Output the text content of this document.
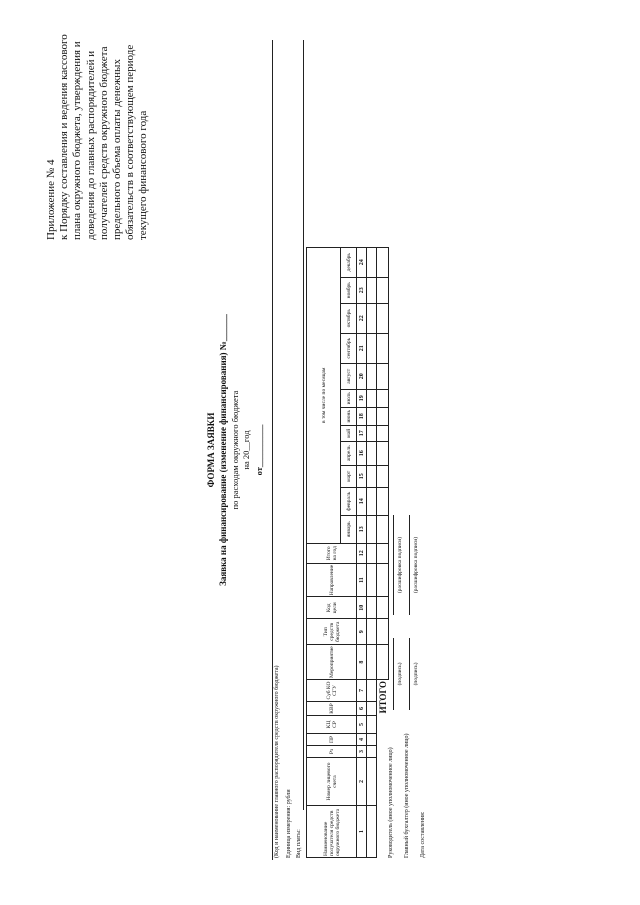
Приложение № 4 к Порядку составления и ведения кассового плана окружного бюджета, утверждения и доведения до главных распорядителей и получателей средств окружного бюджета предельного объема оплаты денежных обязательств в соответствующем периоде текущего финансового года
ФОРМА ЗАЯВКИ Заявка на финансирование (изменение финансирования) №______ по расходам окружного бюджета на 20__год от__________
(Код и наименование главного распорядителя средств окружного бюджета) Единица измерения: рубли Вид платы:	Наименование получателя средств окружного бюджета	Номер лицевого счета	Рз	ПР	КЦ СР	КВР	Суб КО СГУ	Мероприятие	Тип средств бюджета	Код цели	Направление	Итого на год	в том числе по месяцам											
												январь	февраль	март	апрель	май	июнь	июль	август	сентябрь	октябрь	ноябрь	декабрь
1	2	3	4	5	6	7	8	9	10	11	12	13	14	15	16	17	18	19	20	21	22	23	24

ИТОГО																							
Руководитель (иное уполномоченное лицо)
(подпись)
(расшифровка подписи)
Главный бухгалтер (иное уполномоченное лицо)
(подпись)
(расшифровка подписи)
Дата составления:
